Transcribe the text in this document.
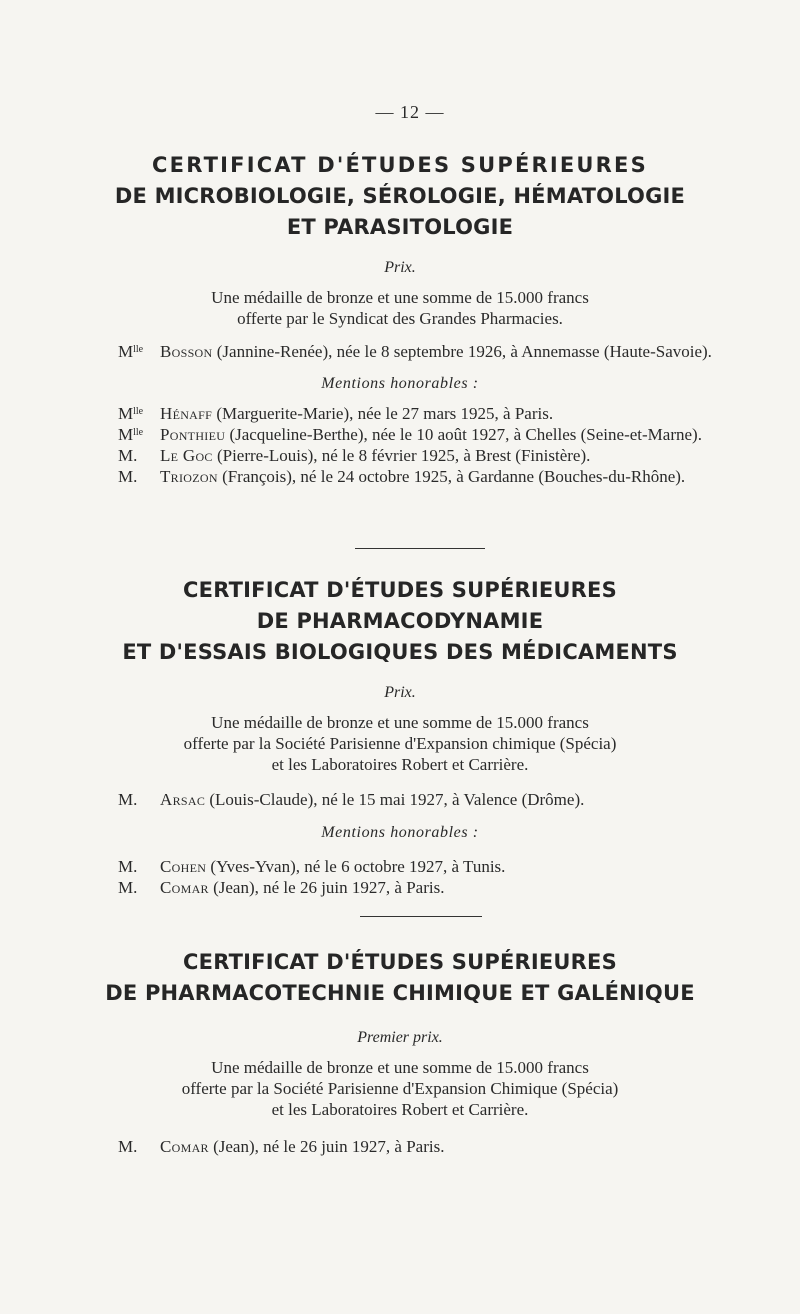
— 12 —
CERTIFICAT D'ÉTUDES SUPÉRIEURES
DE MICROBIOLOGIE, SÉROLOGIE, HÉMATOLOGIE
ET PARASITOLOGIE
Prix.
Une médaille de bronze et une somme de 15.000 francs
offerte par le Syndicat des Grandes Pharmacies.
$M^{lle}$ Bosson (Jannine-Renée), née le 8 septembre 1926, à Annemasse (Haute-Savoie).
Mentions honorables :
$M^{lle}$ Hénaff (Marguerite-Marie), née le 27 mars 1925, à Paris.
$M^{lle}$ Ponthieu (Jacqueline-Berthe), née le 10 août 1927, à Chelles (Seine-et-Marne).
M.	Le Goc (Pierre-Louis), né le 8 février 1925, à Brest (Finistère).
M.	Triozon (François), né le 24 octobre 1925, à Gardanne (Bouches-du-Rhône).
CERTIFICAT D'ÉTUDES SUPÉRIEURES
DE PHARMACODYNAMIE
ET D'ESSAIS BIOLOGIQUES DES MÉDICAMENTS
Prix.
Une médaille de bronze et une somme de 15.000 francs
offerte par la Société Parisienne d'Expansion chimique (Spécia)
et les Laboratoires Robert et Carrière.
M.	Arsac (Louis-Claude), né le 15 mai 1927, à Valence (Drôme).
Mentions honorables :
M.	Cohen (Yves-Yvan), né le 6 octobre 1927, à Tunis.
M.	Comar (Jean), né le 26 juin 1927, à Paris.
CERTIFICAT D'ÉTUDES SUPÉRIEURES
DE PHARMACOTECHNIE CHIMIQUE ET GALÉNIQUE
Premier prix.
Une médaille de bronze et une somme de 15.000 francs
offerte par la Société Parisienne d'Expansion Chimique (Spécia)
et les Laboratoires Robert et Carrière.
M.	Comar (Jean), né le 26 juin 1927, à Paris.
